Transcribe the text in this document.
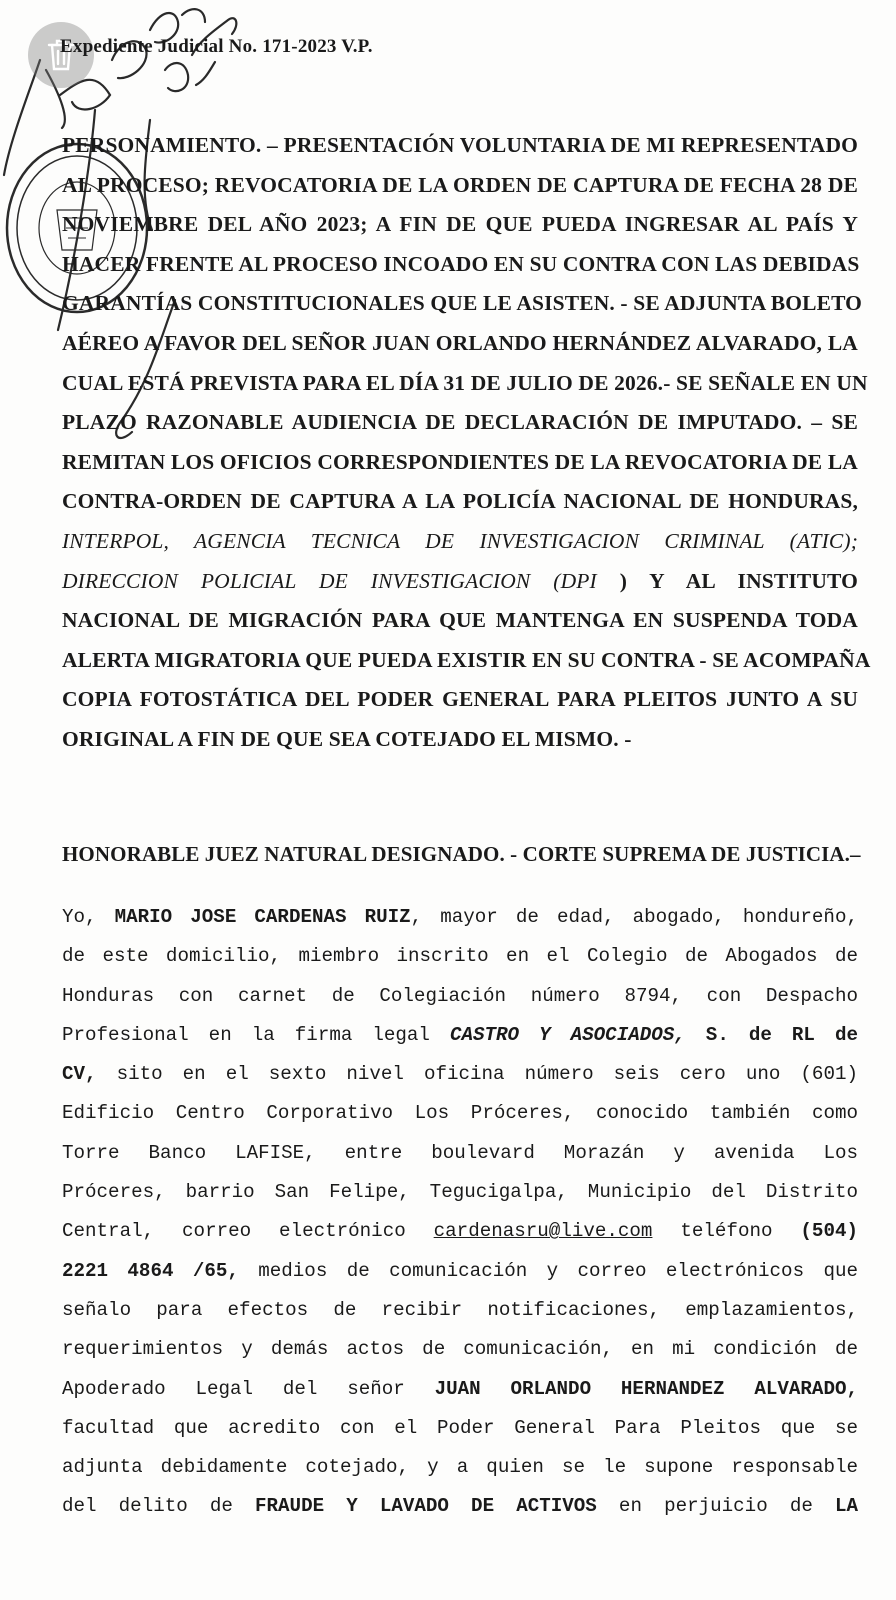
Expediente Judicial No. 171-2023 V.P.
PERSONAMIENTO. – PRESENTACIÓN VOLUNTARIA DE MI REPRESENTADO
AL PROCESO; REVOCATORIA DE LA ORDEN DE CAPTURA DE FECHA 28 DE
NOVIEMBRE DEL AÑO 2023; A FIN DE QUE PUEDA INGRESAR AL PAÍS Y
HACER FRENTE AL PROCESO INCOADO EN SU CONTRA CON LAS DEBIDAS
GARANTÍAS CONSTITUCIONALES QUE LE ASISTEN. - SE ADJUNTA BOLETO
AÉREO A FAVOR DEL SEÑOR JUAN ORLANDO HERNÁNDEZ ALVARADO, LA
CUAL ESTÁ PREVISTA PARA EL DÍA 31 DE JULIO DE 2026.- SE SEÑALE EN UN
PLAZO RAZONABLE AUDIENCIA DE DECLARACIÓN DE IMPUTADO. – SE
REMITAN LOS OFICIOS CORRESPONDIENTES DE LA REVOCATORIA DE LA
CONTRA-ORDEN DE CAPTURA A LA POLICÍA NACIONAL DE HONDURAS,
INTERPOL, AGENCIA TECNICA DE INVESTIGACION CRIMINAL (ATIC);
DIRECCION POLICIAL DE INVESTIGACION (DPI ) Y AL INSTITUTO
NACIONAL DE MIGRACIÓN PARA QUE MANTENGA EN SUSPENDA TODA
ALERTA MIGRATORIA QUE PUEDA EXISTIR EN SU CONTRA - SE ACOMPAÑA
COPIA FOTOSTÁTICA DEL PODER GENERAL PARA PLEITOS JUNTO A SU
ORIGINAL A FIN DE QUE SEA COTEJADO EL MISMO. -
HONORABLE JUEZ NATURAL DESIGNADO. - CORTE SUPREMA DE JUSTICIA.–
Yo, MARIO JOSE CARDENAS RUIZ, mayor de edad, abogado, hondureño,
de este domicilio, miembro inscrito en el Colegio de Abogados de
Honduras con carnet de Colegiación número 8794, con Despacho
Profesional en la firma legal CASTRO Y ASOCIADOS, S. de RL de
CV, sito en el sexto nivel oficina número seis cero uno (601)
Edificio Centro Corporativo Los Próceres, conocido también como
Torre Banco LAFISE, entre boulevard Morazán y avenida Los
Próceres, barrio San Felipe, Tegucigalpa, Municipio del Distrito
Central, correo electrónico cardenasru@live.com teléfono (504)
2221 4864 /65, medios de comunicación y correo electrónicos que
señalo para efectos de recibir notificaciones, emplazamientos,
requerimientos y demás actos de comunicación, en mi condición de
Apoderado Legal del señor JUAN ORLANDO HERNANDEZ ALVARADO,
facultad que acredito con el Poder General Para Pleitos que se
adjunta debidamente cotejado, y a quien se le supone responsable
del delito de FRAUDE Y LAVADO DE ACTIVOS en perjuicio de LA
